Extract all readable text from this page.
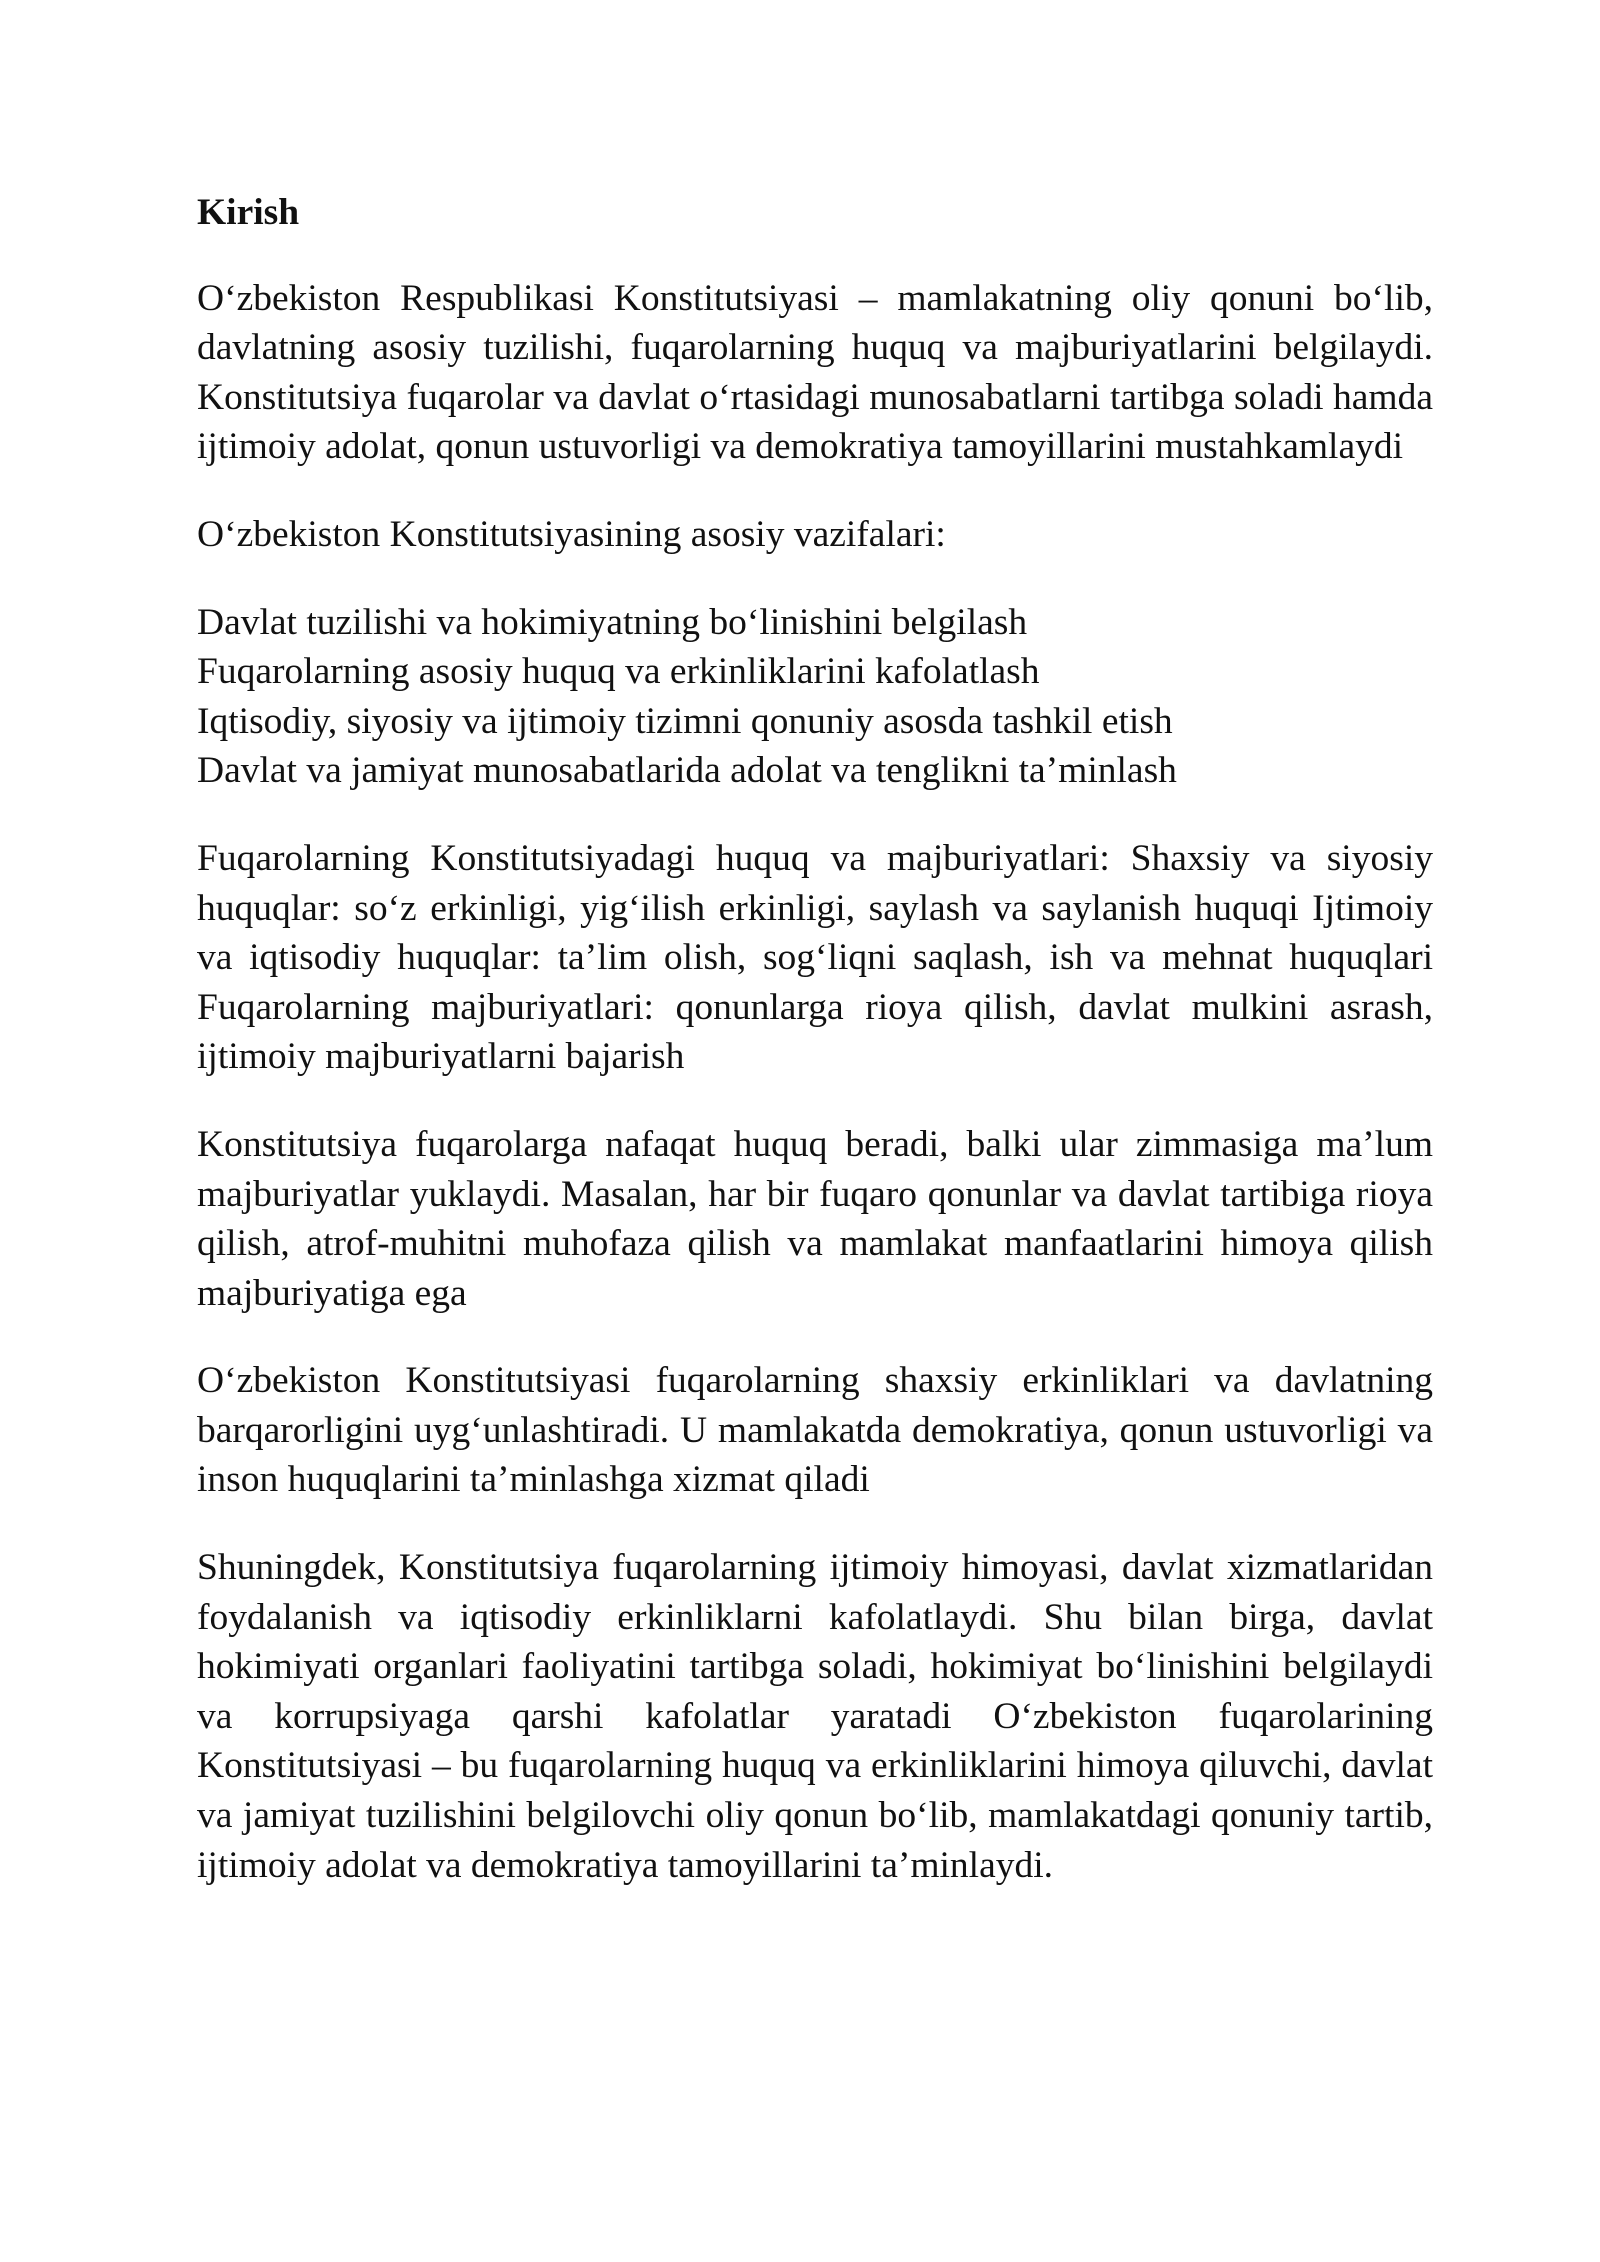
Kirish

O‘zbekiston Respublikasi Konstitutsiyasi – mamlakatning oliy qonuni bo‘lib, davlatning asosiy tuzilishi, fuqarolarning huquq va majburiyatlarini belgilaydi. Konstitutsiya fuqarolar va davlat o‘rtasidagi munosabatlarni tartibga soladi hamda ijtimoiy adolat, qonun ustuvorligi va demokratiya tamoyillarini mustahkamlaydi

O‘zbekiston Konstitutsiyasining asosiy vazifalari:

Davlat tuzilishi va hokimiyatning bo‘linishini belgilash
Fuqarolarning asosiy huquq va erkinliklarini kafolatlash
Iqtisodiy, siyosiy va ijtimoiy tizimni qonuniy asosda tashkil etish
Davlat va jamiyat munosabatlarida adolat va tenglikni ta’minlash

Fuqarolarning Konstitutsiyadagi huquq va majburiyatlari: Shaxsiy va siyosiy huquqlar: so‘z erkinligi, yig‘ilish erkinligi, saylash va saylanish huquqi Ijtimoiy va iqtisodiy huquqlar: ta’lim olish, sog‘liqni saqlash, ish va mehnat huquqlari Fuqarolarning majburiyatlari: qonunlarga rioya qilish, davlat mulkini asrash, ijtimoiy majburiyatlarni bajarish

Konstitutsiya fuqarolarga nafaqat huquq beradi, balki ular zimmasiga ma’lum majburiyatlar yuklaydi. Masalan, har bir fuqaro qonunlar va davlat tartibiga rioya qilish, atrof-muhitni muhofaza qilish va mamlakat manfaatlarini himoya qilish majburiyatiga ega

O‘zbekiston Konstitutsiyasi fuqarolarning shaxsiy erkinliklari va davlatning barqarorligini uyg‘unlashtiradi. U mamlakatda demokratiya, qonun ustuvorligi va inson huquqlarini ta’minlashga xizmat qiladi

Shuningdek, Konstitutsiya fuqarolarning ijtimoiy himoyasi, davlat xizmatlaridan foydalanish va iqtisodiy erkinliklarni kafolatlaydi. Shu bilan birga, davlat hokimiyati organlari faoliyatini tartibga soladi, hokimiyat bo‘linishini belgilaydi va korrupsiyaga qarshi kafolatlar yaratadi O‘zbekiston fuqarolarining Konstitutsiyasi – bu fuqarolarning huquq va erkinliklarini himoya qiluvchi, davlat va jamiyat tuzilishini belgilovchi oliy qonun bo‘lib, mamlakatdagi qonuniy tartib, ijtimoiy adolat va demokratiya tamoyillarini ta’minlaydi.
